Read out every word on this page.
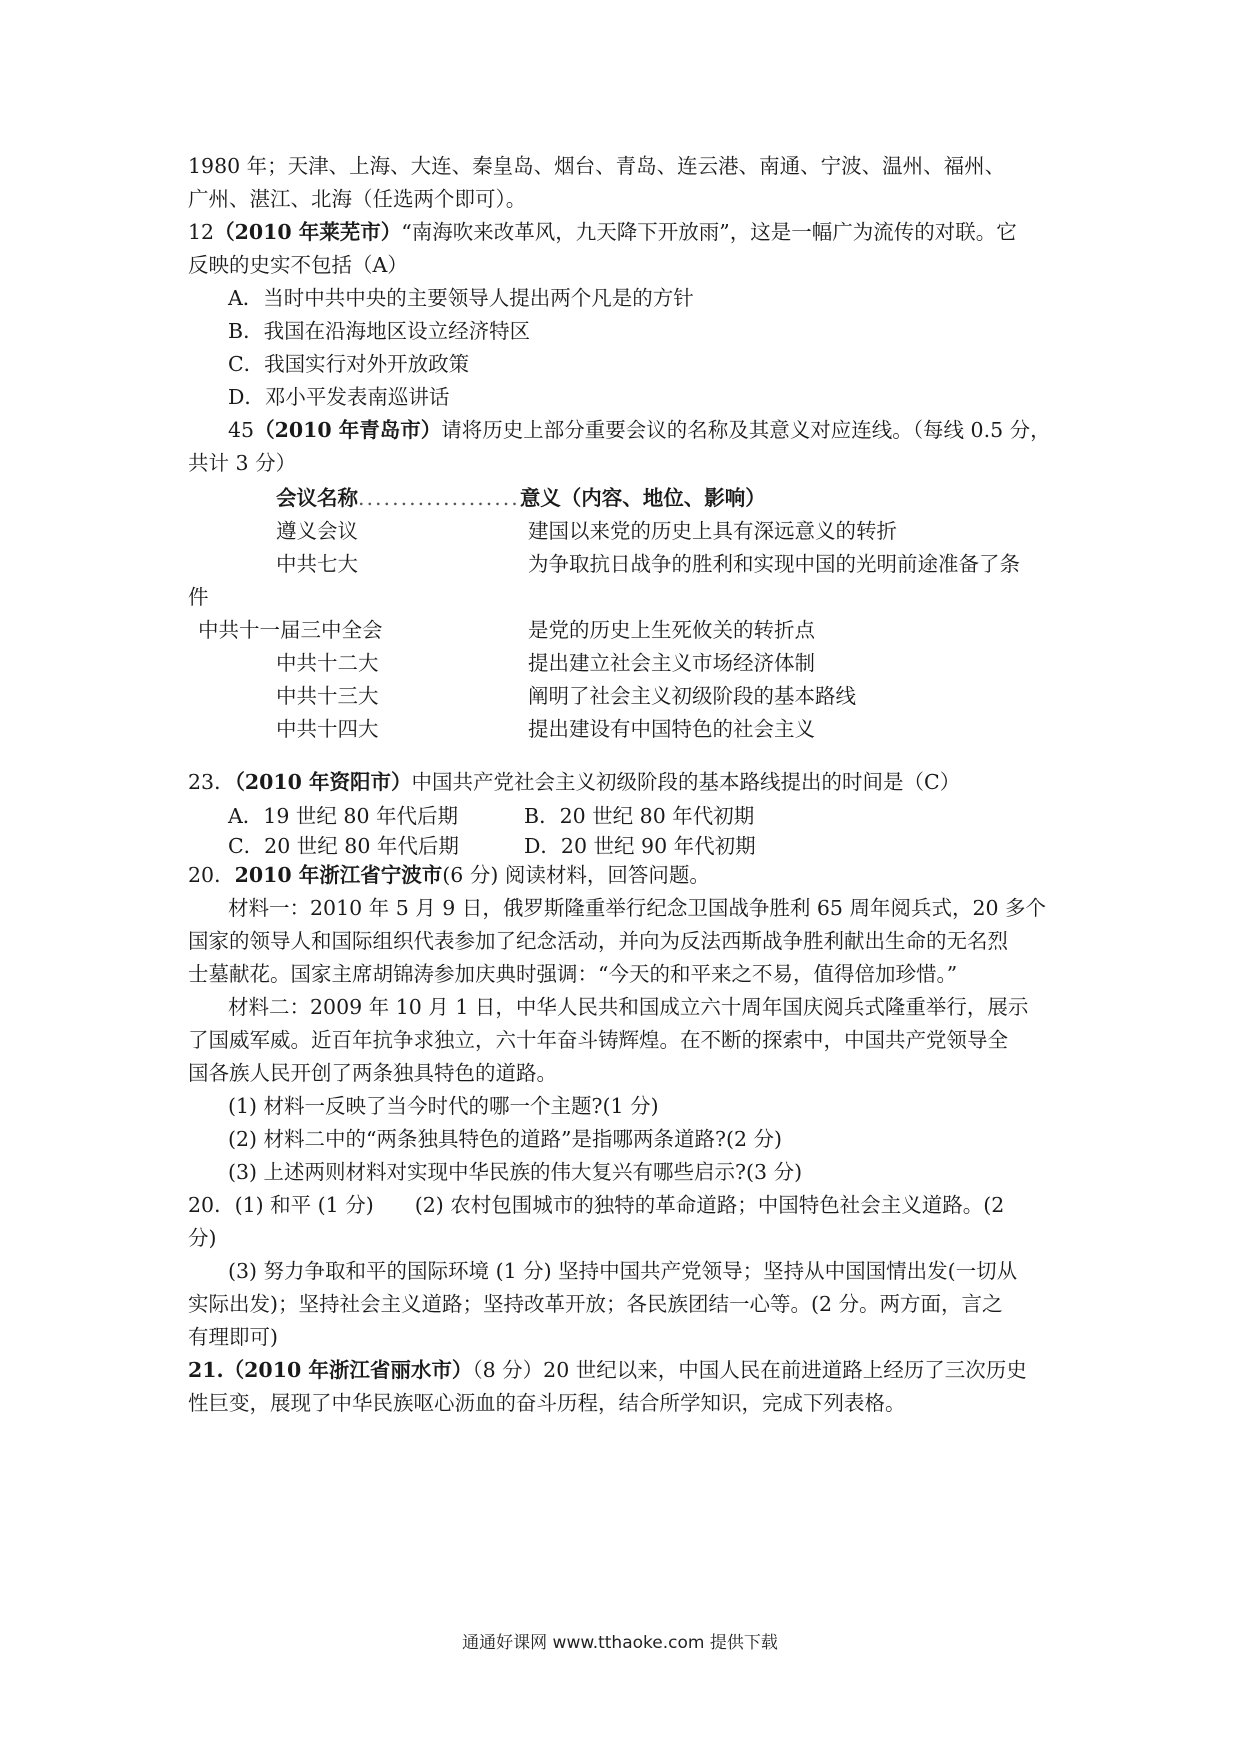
1980 年；天津、上海、大连、秦皇岛、烟台、青岛、连云港、南通、宁波、温州、福州、

广州、湛江、北海（任选两个即可）。

12（2010 年莱芜市）“南海吹来改革风，九天降下开放雨”，这是一幅广为流传的对联。它

反映的史实不包括（A）

A．当时中共中央的主要领导人提出两个凡是的方针

B．我国在沿海地区设立经济特区

C．我国实行对外开放政策

D．邓小平发表南巡讲话

45（2010 年青岛市）请将历史上部分重要会议的名称及其意义对应连线。（每线 0.5 分，

共计 3 分）

会议名称...................意义（内容、地位、影响）
遵义会议	建国以来党的历史上具有深远意义的转折
中共七大	为争取抗日战争的胜利和实现中国的光明前途准备了条
件
中共十一届三中全会	是党的历史上生死攸关的转折点
中共十二大	提出建立社会主义市场经济体制
中共十三大	阐明了社会主义初级阶段的基本路线
中共十四大	提出建设有中国特色的社会主义

23．（2010 年资阳市）中国共产党社会主义初级阶段的基本路线提出的时间是（C）

A．19 世纪 80 年代后期	B．20 世纪 80 年代初期
C．20 世纪 80 年代后期	D．20 世纪 90 年代初期

20．2010 年浙江省宁波市(6 分) 阅读材料，回答问题。

材料一：2010 年 5 月 9 日，俄罗斯隆重举行纪念卫国战争胜利 65 周年阅兵式，20 多个

国家的领导人和国际组织代表参加了纪念活动，并向为反法西斯战争胜利献出生命的无名烈

士墓献花。国家主席胡锦涛参加庆典时强调：“今天的和平来之不易，值得倍加珍惜。”

材料二：2009 年 10 月 1 日，中华人民共和国成立六十周年国庆阅兵式隆重举行，展示

了国威军威。近百年抗争求独立，六十年奋斗铸辉煌。在不断的探索中，中国共产党领导全

国各族人民开创了两条独具特色的道路。

(1) 材料一反映了当今时代的哪一个主题?(1 分)

(2) 材料二中的“两条独具特色的道路”是指哪两条道路?(2 分)

(3) 上述两则材料对实现中华民族的伟大复兴有哪些启示?(3 分)

20．(1) 和平 (1 分)　　(2) 农村包围城市的独特的革命道路；中国特色社会主义道路。(2

分)

(3) 努力争取和平的国际环境 (1 分) 坚持中国共产党领导；坚持从中国国情出发(一切从

实际出发)；坚持社会主义道路；坚持改革开放；各民族团结一心等。(2 分。两方面，言之

有理即可)

21.（2010 年浙江省丽水市）（8 分）20 世纪以来，中国人民在前进道路上经历了三次历史

性巨变，展现了中华民族呕心沥血的奋斗历程，结合所学知识，完成下列表格。

通通好课网 www.tthaoke.com 提供下载
